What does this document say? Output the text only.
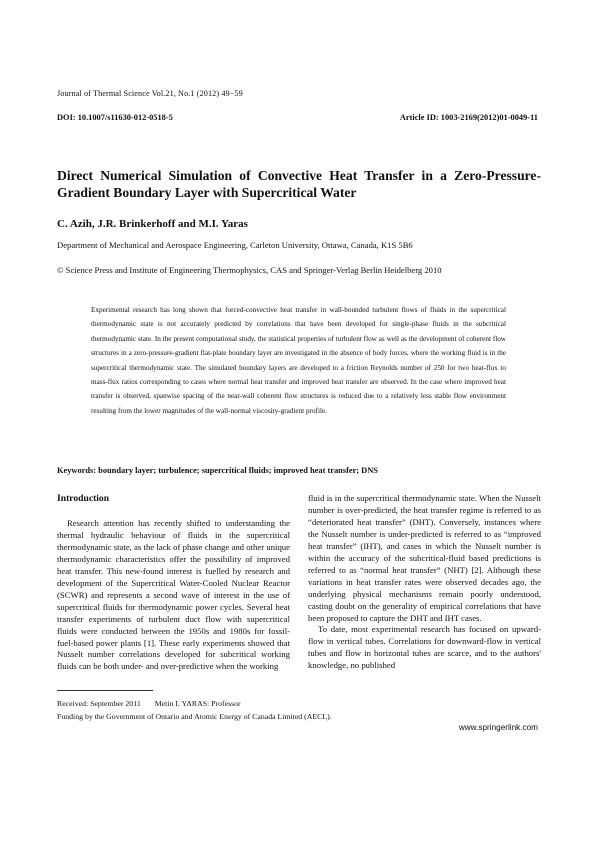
Journal of Thermal Science Vol.21, No.1 (2012) 49−59
DOI: 10.1007/s11630-012-0518-5	Article ID: 1003-2169(2012)01-0049-11
Direct Numerical Simulation of Convective Heat Transfer in a Zero-Pressure-Gradient Boundary Layer with Supercritical Water
C. Azih, J.R. Brinkerhoff and M.I. Yaras
Department of Mechanical and Aerospace Engineering, Carleton University, Ottawa, Canada, K1S 5B6
© Science Press and Institute of Engineering Thermophysics, CAS and Springer-Verlag Berlin Heidelberg 2010
Experimental research has long shown that forced-convective heat transfer in wall-bounded turbulent flows of fluids in the supercritical thermodynamic state is not accurately predicted by correlations that have been developed for single-phase fluids in the subcritical thermodynamic state. In the present computational study, the statistical properties of turbulent flow as well as the development of coherent flow structures in a zero-pressure-gradient flat-plate boundary layer are investigated in the absence of body forces, where the working fluid is in the supercritical thermodynamic state. The simulated boundary layers are developed to a friction Reynolds number of 250 for two heat-flux to mass-flux ratios corresponding to cases where normal heat transfer and improved heat transfer are observed. In the case where improved heat transfer is observed, spanwise spacing of the near-wall coherent flow structures is reduced due to a relatively less stable flow environment resulting from the lower magnitudes of the wall-normal viscosity-gradient profile.
Keywords: boundary layer; turbulence; supercritical fluids; improved heat transfer; DNS
Introduction

Research attention has recently shifted to understanding the thermal hydraulic behaviour of fluids in the supercritical thermodynamic state, as the lack of phase change and other unique thermodynamic characteristics offer the possibility of improved heat transfer. This new-found interest is fuelled by research and development of the Supercritical Water-Cooled Nuclear Reactor (SCWR) and represents a second wave of interest in the use of supercritical fluids for thermodynamic power cycles. Several heat transfer experiments of turbulent duct flow with supercritical fluids were conducted between the 1950s and 1980s for fossil-fuel-based power plants [1]. These early experiments showed that Nusselt number correlations developed for subcritical working fluids can be both under- and over-predictive when the working

fluid is in the supercritical thermodynamic state. When the Nusselt number is over-predicted, the heat transfer regime is referred to as “deteriorated heat transfer” (DHT). Conversely, instances where the Nusselt number is under-predicted is referred to as “improved heat transfer” (IHT), and cases in which the Nusselt number is within the accuracy of the subcritical-fluid based predictions is referred to as “normal heat transfer” (NHT) [2]. Although these variations in heat transfer rates were observed decades ago, the underlying physical mechanisms remain poorly understood, casting doubt on the generality of empirical correlations that have been proposed to capture the DHT and IHT cases.

To date, most experimental research has focused on upward-flow in vertical tubes. Correlations for downward-flow in vertical tubes and flow in horizontal tubes are scarce, and to the authors' knowledge, no published

Received: September 2011 Metin I. YARAS: Professor
Funding by the Government of Ontario and Atomic Energy of Canada Limited (AECL).
www.springerlink.com
